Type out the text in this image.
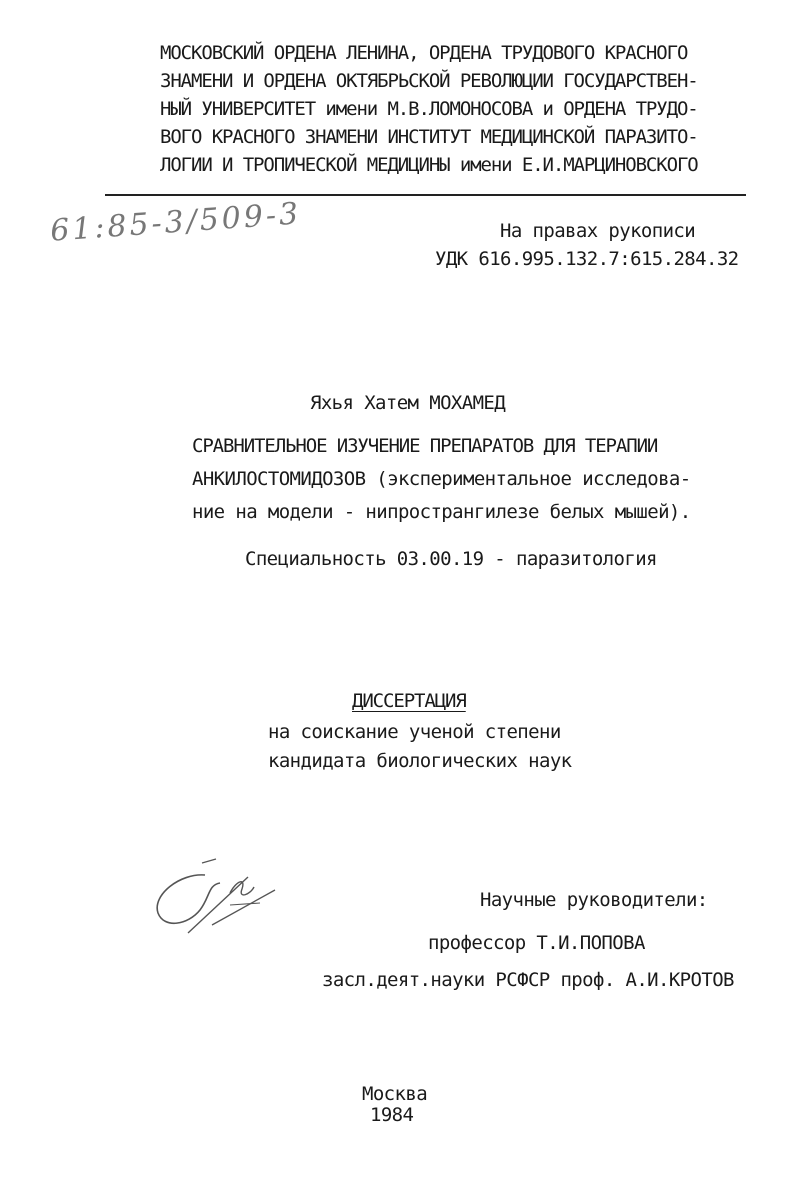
МОСКОВСКИЙ ОРДЕНА ЛЕНИНА, ОРДЕНА ТРУДОВОГО КРАСНОГО
ЗНАМЕНИ И ОРДЕНА ОКТЯБРЬСКОЙ РЕВОЛЮЦИИ ГОСУДАРСТВЕН-
НЫЙ УНИВЕРСИТЕТ имени М.В.ЛОМОНОСОВА и ОРДЕНА ТРУДО-
ВОГО КРАСНОГО ЗНАМЕНИ ИНСТИТУТ МЕДИЦИНСКОЙ ПАРАЗИТО-
ЛОГИИ И ТРОПИЧЕСКОЙ МЕДИЦИНЫ имени Е.И.МАРЦИНОВСКОГО
61:85-3/509-3	На правах рукописи
УДК 616.995.132.7:615.284.32
Яхья Хатем МОХАМЕД
СРАВНИТЕЛЬНОЕ ИЗУЧЕНИЕ ПРЕПАРАТОВ ДЛЯ ТЕРАПИИ
АНКИЛОСТОМИДОЗОВ (экспериментальное исследова-
ние на модели - нипространгилезе белых мышей).
Специальность 03.00.19 - паразитология
ДИССЕРТАЦИЯ
на соискание ученой степени
кандидата биологических наук
Научные руководители:
профессор Т.И.ПОПОВА
засл.деят.науки РСФСР проф. А.И.КРОТОВ
Москва
1984
